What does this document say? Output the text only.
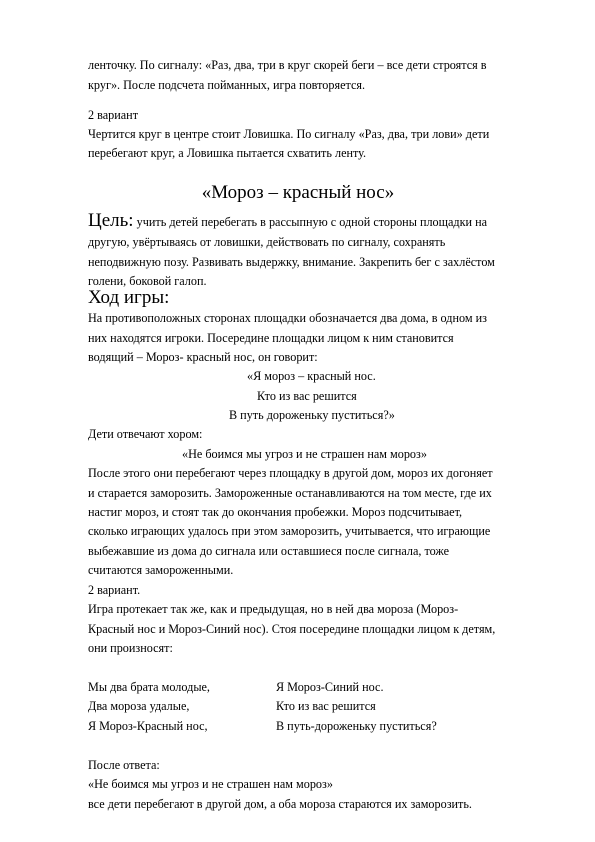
ленточку. По сигналу: «Раз, два, три в круг скорей беги – все дети строятся в
круг». После подсчета пойманных, игра повторяется.
2 вариант
Чертится круг в центре стоит Ловишка. По сигналу «Раз, два, три лови» дети
перебегают круг, а Ловишка пытается схватить ленту.
«Мороз – красный нос»
Цель: учить детей перебегать в рассыпную с одной стороны площадки на
другую, увёртываясь от ловишки, действовать по сигналу, сохранять
неподвижную позу. Развивать выдержку, внимание. Закрепить бег с захлёстом
голени, боковой галоп.
Ход игры:
На противоположных сторонах площадки обозначается два дома, в одном из
них находятся игроки. Посередине площадки лицом к ним становится
водящий – Мороз- красный нос, он говорит:
«Я мороз – красный нос.
Кто из вас решится
В путь дороженьку пуститься?»
Дети отвечают хором:
«Не боимся мы угроз и не страшен нам мороз»
После этого они перебегают через площадку в другой дом, мороз их догоняет
и старается заморозить. Замороженные останавливаются на том месте, где их
настиг мороз, и стоят так до окончания пробежки. Мороз подсчитывает,
сколько играющих удалось при этом заморозить, учитывается, что играющие
выбежавшие из дома до сигнала или оставшиеся после сигнала, тоже
считаются замороженными.
2 вариант.
Игра протекает так же, как и предыдущая, но в ней два мороза (Мороз-
Красный нос и Мороз-Синий нос). Стоя посередине площадки лицом к детям,
они произносят:
Мы два брата молодые,
Два мороза удалые,
Я Мороз-Красный нос,
Я Мороз-Синий нос.
Кто из вас решится
В путь-дороженьку пуститься?
После ответа:
«Не боимся мы угроз и не страшен нам мороз»
все дети перебегают в другой дом, а оба мороза стараются их заморозить.
